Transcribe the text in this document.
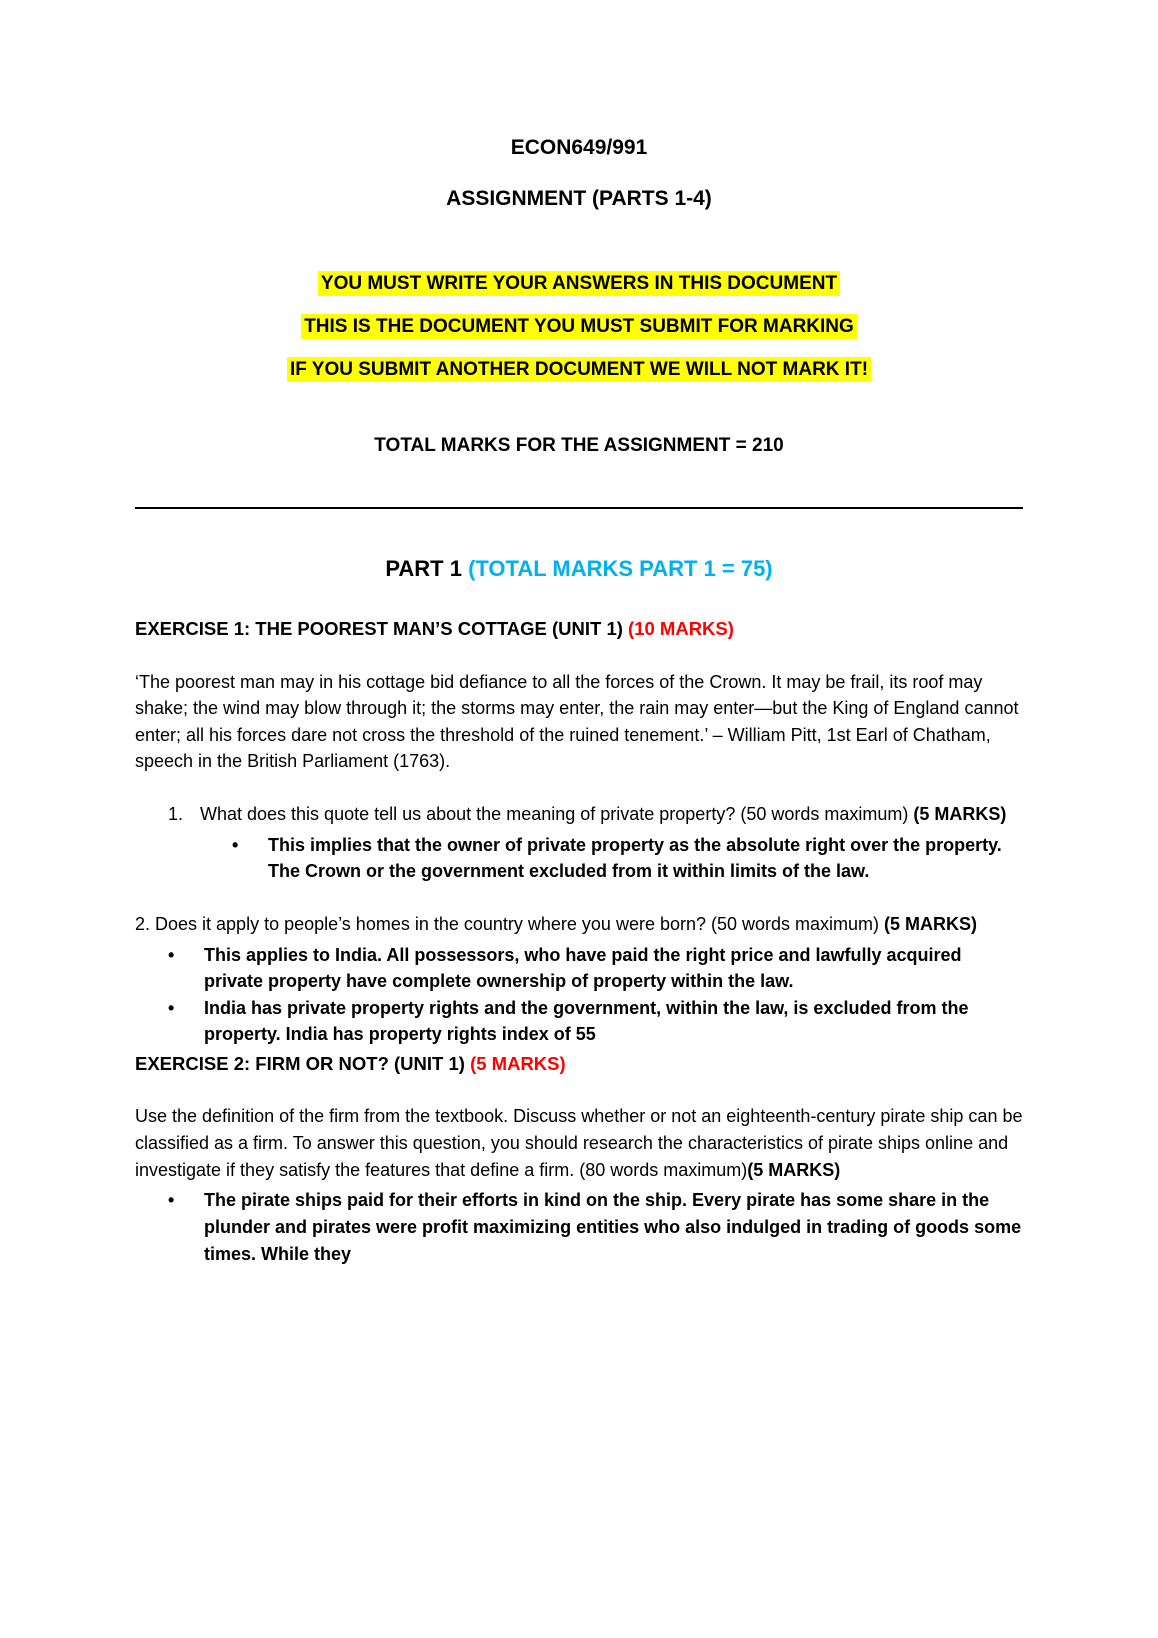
ECON649/991
ASSIGNMENT (PARTS 1-4)
YOU MUST WRITE YOUR ANSWERS IN THIS DOCUMENT
THIS IS THE DOCUMENT YOU MUST SUBMIT FOR MARKING
IF YOU SUBMIT ANOTHER DOCUMENT WE WILL NOT MARK IT!
TOTAL MARKS FOR THE ASSIGNMENT = 210
PART 1 (TOTAL MARKS PART 1 = 75)
EXERCISE 1: THE POOREST MAN’S COTTAGE (UNIT 1) (10 MARKS)
‘The poorest man may in his cottage bid defiance to all the forces of the Crown. It may be frail, its roof may shake; the wind may blow through it; the storms may enter, the rain may enter—but the King of England cannot enter; all his forces dare not cross the threshold of the ruined tenement.’ – William Pitt, 1st Earl of Chatham, speech in the British Parliament (1763).
1. What does this quote tell us about the meaning of private property? (50 words maximum) (5 MARKS)
•	This implies that the owner of private property as the absolute right over the property. The Crown or the government excluded from it within limits of the law.
2. Does it apply to people’s homes in the country where you were born? (50 words maximum) (5 MARKS)
•	This applies to India. All possessors, who have paid the right price and lawfully acquired private property have complete ownership of property within the law.
•	India has private property rights and the government, within the law, is excluded from the property. India has property rights index of 55
EXERCISE 2: FIRM OR NOT? (UNIT 1) (5 MARKS)
Use the definition of the firm from the textbook. Discuss whether or not an eighteenth-century pirate ship can be classified as a firm. To answer this question, you should research the characteristics of pirate ships online and investigate if they satisfy the features that define a firm. (80 words maximum)(5 MARKS)
•	The pirate ships paid for their efforts in kind on the ship. Every pirate has some share in the plunder and pirates were profit maximizing entities who also indulged in trading of goods some times. While they
